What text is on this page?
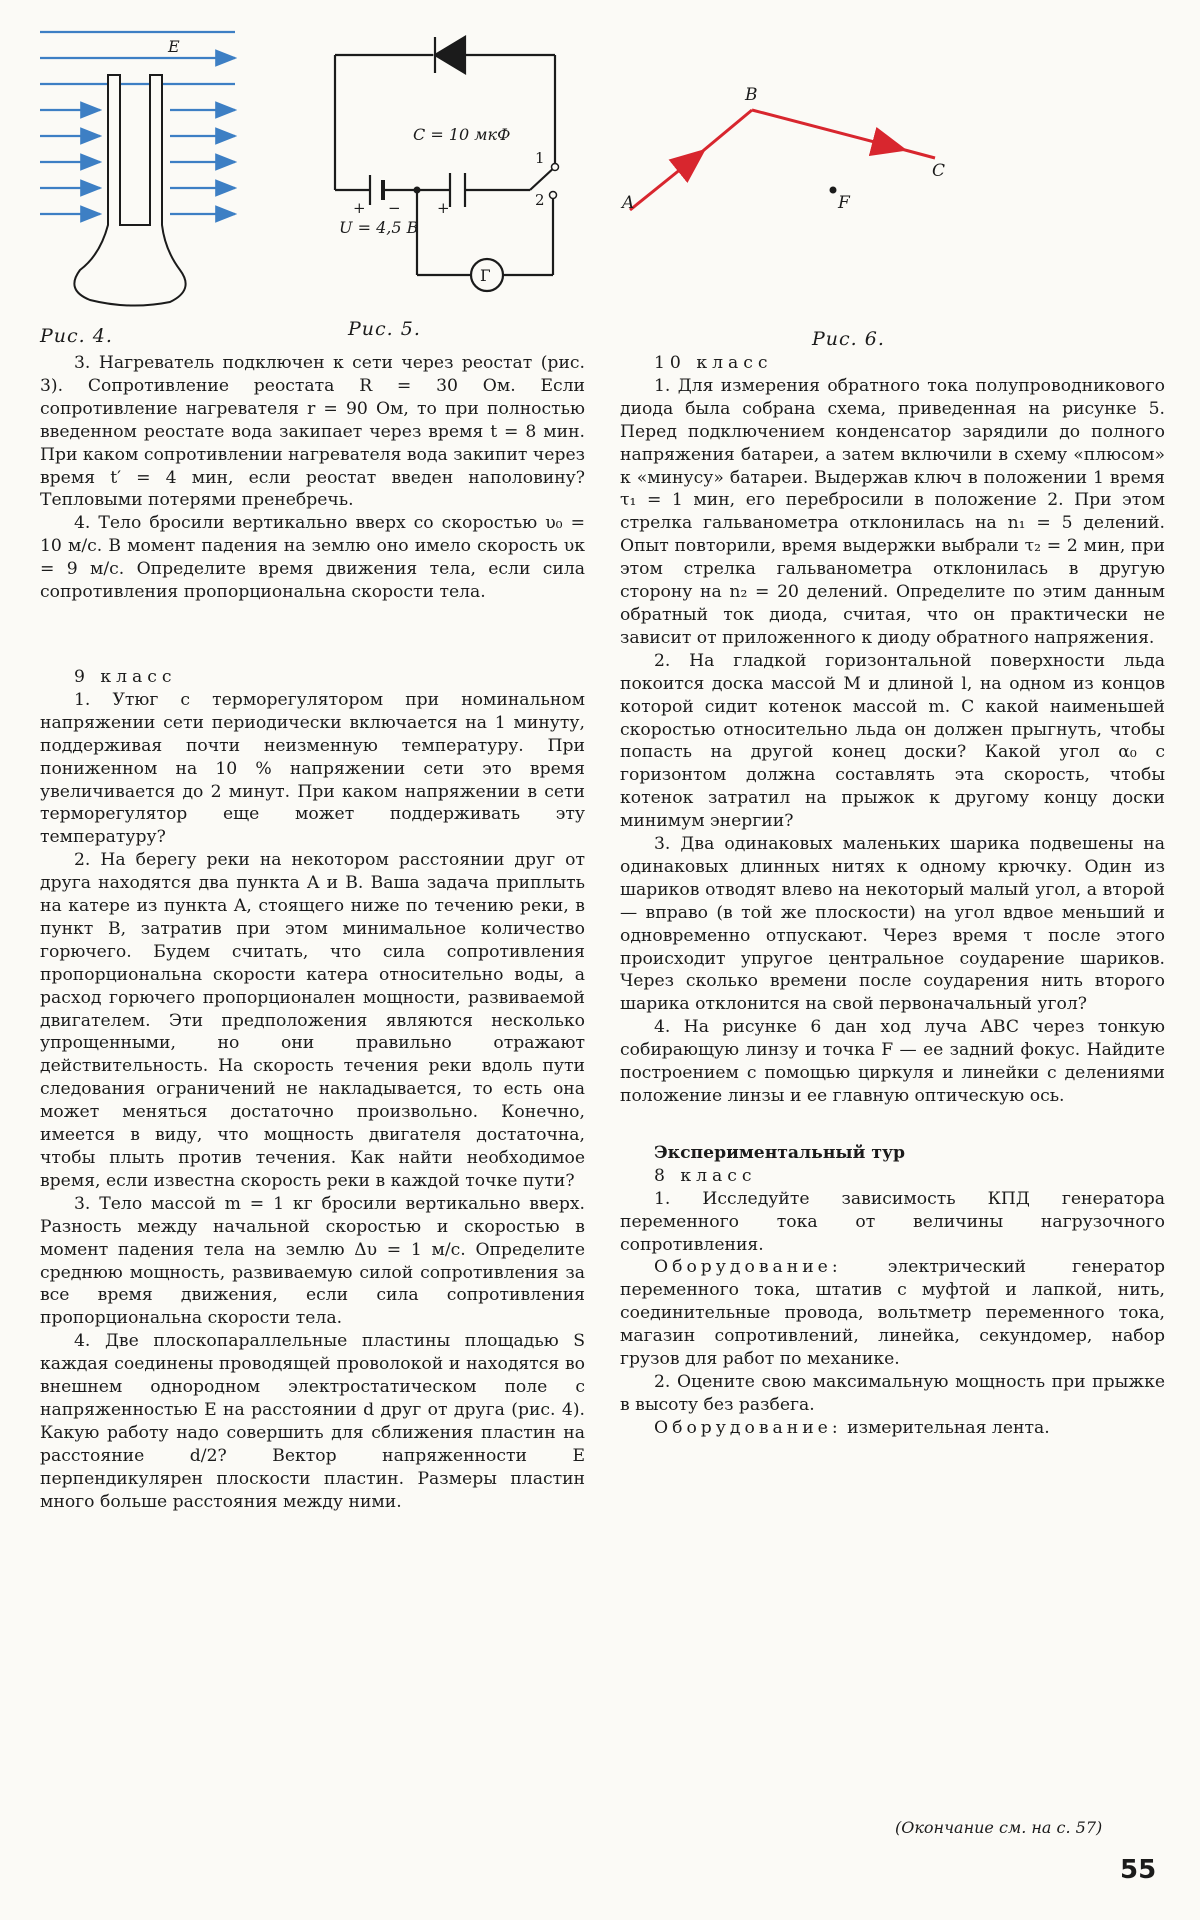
E
Рис. 4.
C = 10 мкФ
U = 4,5 В
1
2
+ − +
Г
Рис. 5.
A
B
C
F
Рис. 6.

3. Нагреватель подключен к сети через реостат (рис. 3). Сопротивление реостата R = 30 Ом. Если сопротивление нагревателя r = 90 Ом, то при полностью введенном реостате вода закипает через время t = 8 мин. При каком сопротивлении нагревателя вода закипит через время t′ = 4 мин, если реостат введен наполовину? Тепловыми потерями пренебречь.

4. Тело бросили вертикально вверх со скоростью υ₀ = 10 м/с. В момент падения на землю оно имело скорость υк = 9 м/с. Определите время движения тела, если сила сопротивления пропорциональна скорости тела.

9 класс

1. Утюг с терморегулятором при номинальном напряжении сети периодически включается на 1 минуту, поддерживая почти неизменную температуру. При пониженном на 10 % напряжении сети это время увеличивается до 2 минут. При каком напряжении в сети терморегулятор еще может поддерживать эту температуру?

2. На берегу реки на некотором расстоянии друг от друга находятся два пункта A и B. Ваша задача приплыть на катере из пункта A, стоящего ниже по течению реки, в пункт B, затратив при этом минимальное количество горючего. Будем считать, что сила сопротивления пропорциональна скорости катера относительно воды, а расход горючего пропорционален мощности, развиваемой двигателем. Эти предположения являются несколько упрощенными, но они правильно отражают действительность. На скорость течения реки вдоль пути следования ограничений не накладывается, то есть она может меняться достаточно произвольно. Конечно, имеется в виду, что мощность двигателя достаточна, чтобы плыть против течения. Как найти необходимое время, если известна скорость реки в каждой точке пути?

3. Тело массой m = 1 кг бросили вертикально вверх. Разность между начальной скоростью и скоростью в момент падения тела на землю Δυ = 1 м/с. Определите среднюю мощность, развиваемую силой сопротивления за все время движения, если сила сопротивления пропорциональна скорости тела.

4. Две плоскопараллельные пластины площадью S каждая соединены проводящей проволокой и находятся во внешнем однородном электростатическом поле с напряженностью E на расстоянии d друг от друга (рис. 4). Какую работу надо совершить для сближения пластин на расстояние d/2? Вектор напряженности E перпендикулярен плоскости пластин. Размеры пластин много больше расстояния между ними.

10 класс

1. Для измерения обратного тока полупроводникового диода была собрана схема, приведенная на рисунке 5. Перед подключением конденсатор зарядили до полного напряжения батареи, а затем включили в схему «плюсом» к «минусу» батареи. Выдержав ключ в положении 1 время τ₁ = 1 мин, его перебросили в положение 2. При этом стрелка гальванометра отклонилась на n₁ = 5 делений. Опыт повторили, время выдержки выбрали τ₂ = 2 мин, при этом стрелка гальванометра отклонилась в другую сторону на n₂ = 20 делений. Определите по этим данным обратный ток диода, считая, что он практически не зависит от приложенного к диоду обратного напряжения.

2. На гладкой горизонтальной поверхности льда покоится доска массой M и длиной l, на одном из концов которой сидит котенок массой m. С какой наименьшей скоростью относительно льда он должен прыгнуть, чтобы попасть на другой конец доски? Какой угол α₀ с горизонтом должна составлять эта скорость, чтобы котенок затратил на прыжок к другому концу доски минимум энергии?

3. Два одинаковых маленьких шарика подвешены на одинаковых длинных нитях к одному крючку. Один из шариков отводят влево на некоторый малый угол, а второй — вправо (в той же плоскости) на угол вдвое меньший и одновременно отпускают. Через время τ после этого происходит упругое центральное соударение шариков. Через сколько времени после соударения нить второго шарика отклонится на свой первоначальный угол?

4. На рисунке 6 дан ход луча ABC через тонкую собирающую линзу и точка F — ее задний фокус. Найдите построением с помощью циркуля и линейки с делениями положение линзы и ее главную оптическую ось.

Экспериментальный тур

8 класс

1. Исследуйте зависимость КПД генератора переменного тока от величины нагрузочного сопротивления.

Оборудование:	электрический генератор переменного тока, штатив с муфтой и лапкой, нить, соединительные провода, вольтметр переменного тока, магазин сопротивлений, линейка, секундомер, набор грузов для работ по механике.

2. Оцените свою максимальную мощность при прыжке в высоту без разбега.

Оборудование: измерительная лента.

(Окончание см. на с. 57)
55
